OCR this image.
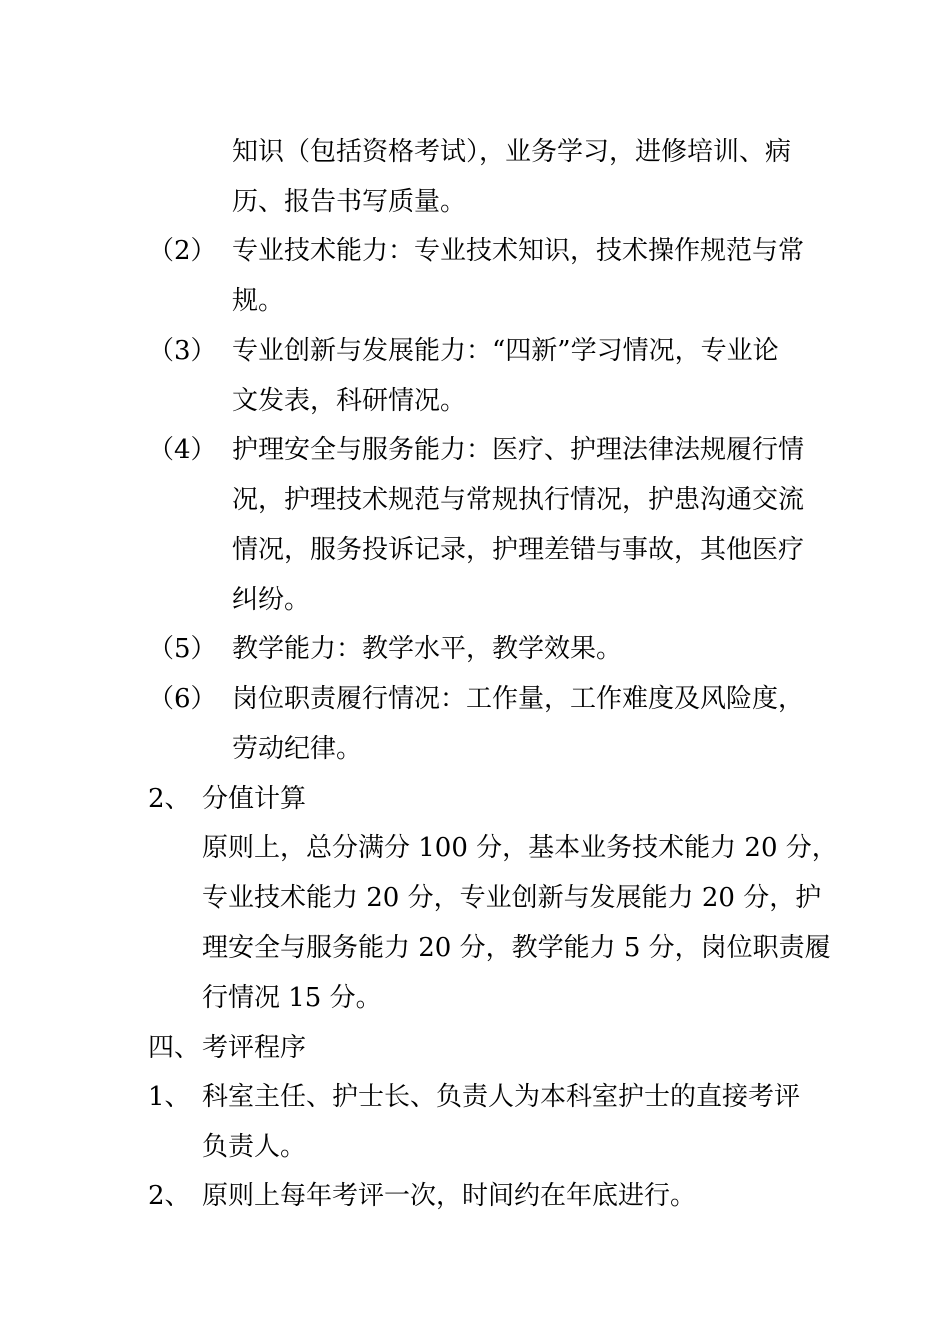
知识（包括资格考试），业务学习，进修培训、病
历、报告书写质量。
（2） 专业技术能力：专业技术知识，技术操作规范与常
规。
（3） 专业创新与发展能力：“四新”学习情况，专业论
文发表，科研情况。
（4） 护理安全与服务能力：医疗、护理法律法规履行情
况，护理技术规范与常规执行情况，护患沟通交流
情况，服务投诉记录，护理差错与事故，其他医疗
纠纷。
（5） 教学能力：教学水平，教学效果。
（6） 岗位职责履行情况：工作量，工作难度及风险度，
劳动纪律。
2、 分值计算
原则上，总分满分 100 分，基本业务技术能力 20 分，
专业技术能力 20 分，专业创新与发展能力 20 分，护
理安全与服务能力 20 分，教学能力 5 分，岗位职责履
行情况 15 分。
四、 考评程序
1、 科室主任、护士长、负责人为本科室护士的直接考评
负责人。
2、 原则上每年考评一次，时间约在年底进行。
